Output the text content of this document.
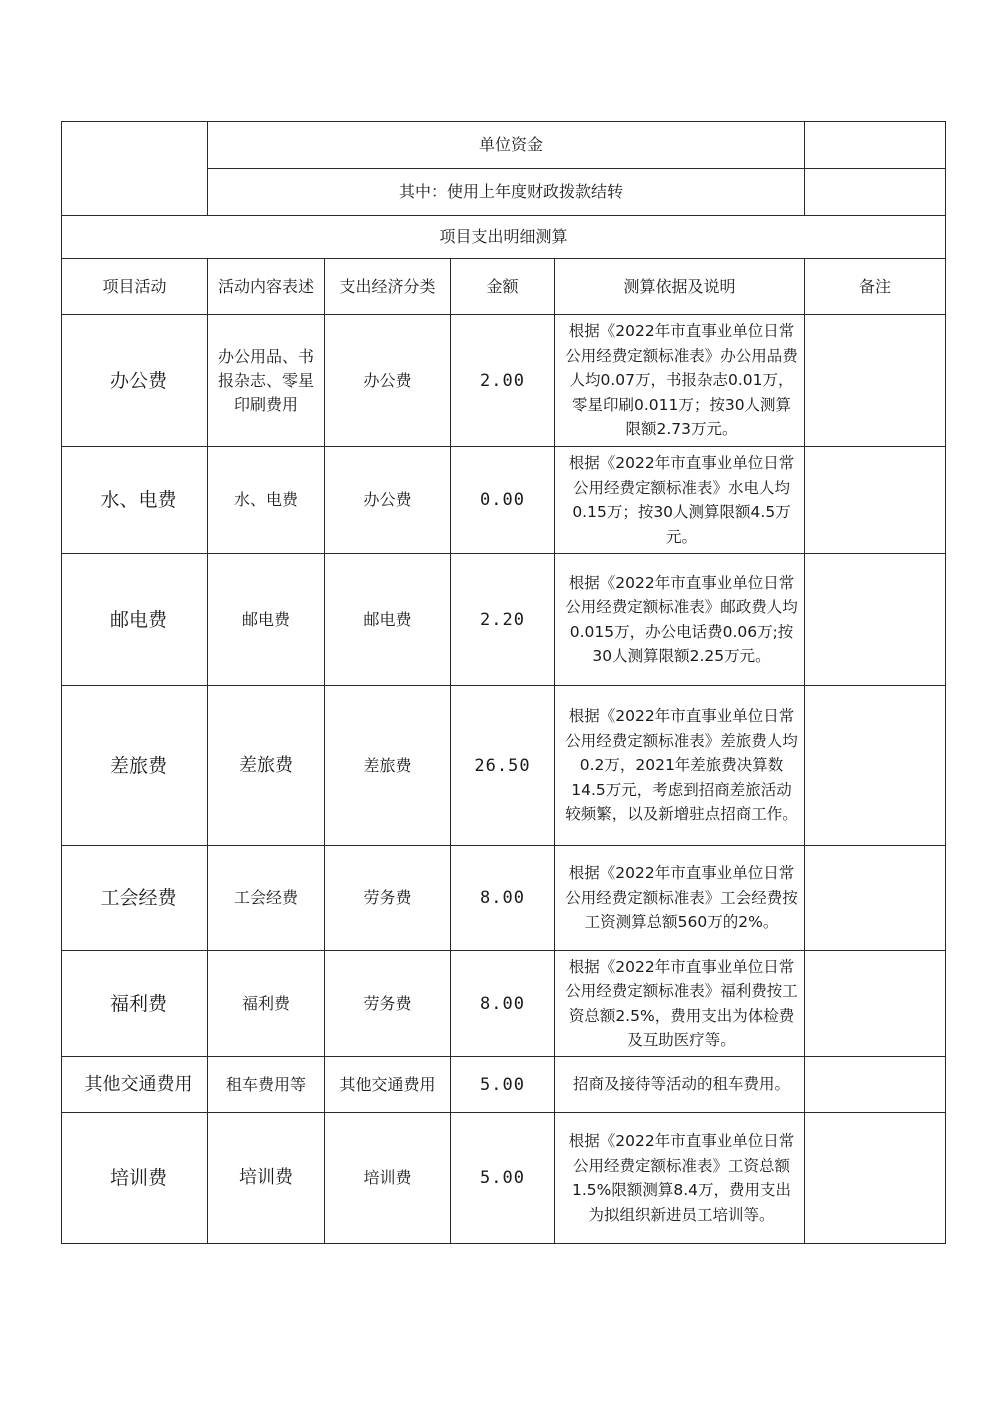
	单位资金				
	其中：使用上年度财政拨款结转				
项目支出明细测算					
项目活动	活动内容表述	支出经济分类	金额	测算依据及说明	备注
办公费	办公用品、书报杂志、零星印刷费用	办公费	2.00	根据《2022年市直事业单位日常公用经费定额标准表》办公用品费人均0.07万，书报杂志0.01万，零星印刷0.011万；按30人测算限额2.73万元。	
水、电费	水、电费	办公费	0.00	根据《2022年市直事业单位日常公用经费定额标准表》水电人均0.15万；按30人测算限额4.5万元。	
邮电费	邮电费	邮电费	2.20	根据《2022年市直事业单位日常公用经费定额标准表》邮政费人均0.015万，办公电话费0.06万;按30人测算限额2.25万元。	
差旅费	差旅费	差旅费	26.50	根据《2022年市直事业单位日常公用经费定额标准表》差旅费人均0.2万，2021年差旅费决算数14.5万元，考虑到招商差旅活动较频繁，以及新增驻点招商工作。	
工会经费	工会经费	劳务费	8.00	根据《2022年市直事业单位日常公用经费定额标准表》工会经费按工资测算总额560万的2%。	
福利费	福利费	劳务费	8.00	根据《2022年市直事业单位日常公用经费定额标准表》福利费按工资总额2.5%，费用支出为体检费及互助医疗等。	
其他交通费用	租车费用等	其他交通费用	5.00	招商及接待等活动的租车费用。	
培训费	培训费	培训费	5.00	根据《2022年市直事业单位日常公用经费定额标准表》工资总额1.5%限额测算8.4万，费用支出为拟组织新进员工培训等。	
